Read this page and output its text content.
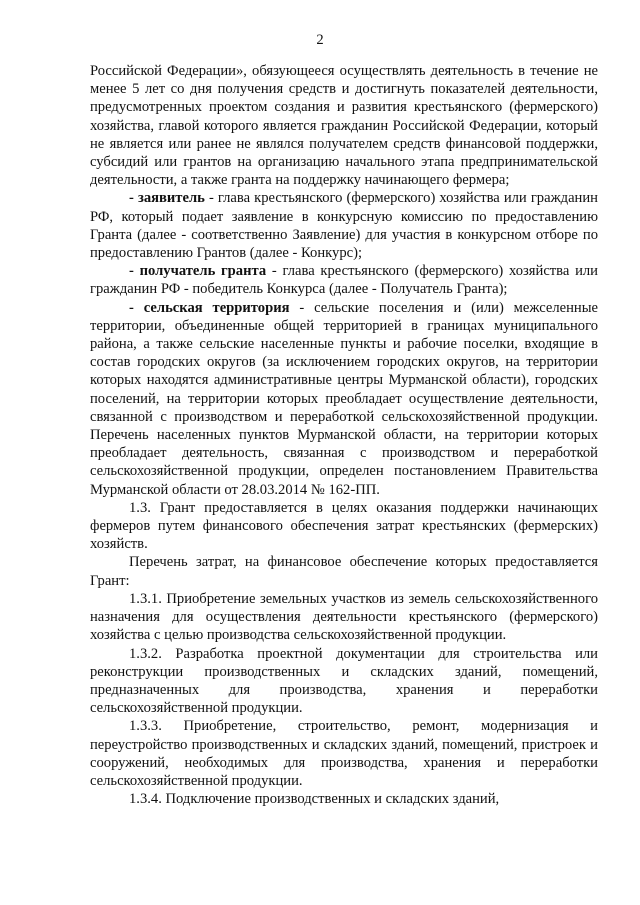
2

Российской Федерации», обязующееся осуществлять деятельность в течение не менее 5 лет со дня получения средств и достигнуть показателей деятельности, предусмотренных проектом создания и развития крестьянского (фермерского) хозяйства, главой которого является гражданин Российской Федерации, который не является или ранее не являлся получателем средств финансовой поддержки, субсидий или грантов на организацию начального этапа предпринимательской деятельности, а также гранта на поддержку начинающего фермера;

- заявитель - глава крестьянского (фермерского) хозяйства или гражданин РФ, который подает заявление в конкурсную комиссию по предоставлению Гранта (далее - соответственно Заявление) для участия в конкурсном отборе по предоставлению Грантов (далее - Конкурс);

- получатель гранта - глава крестьянского (фермерского) хозяйства или гражданин РФ - победитель Конкурса (далее - Получатель Гранта);

- сельская территория - сельские поселения и (или) межселенные территории, объединенные общей территорией в границах муниципального района, а также сельские населенные пункты и рабочие поселки, входящие в состав городских округов (за исключением городских округов, на территории которых находятся административные центры Мурманской области), городских поселений, на территории которых преобладает осуществление деятельности, связанной с производством и переработкой сельскохозяйственной продукции. Перечень населенных пунктов Мурманской области, на территории которых преобладает деятельность, связанная с производством и переработкой сельскохозяйственной продукции, определен постановлением Правительства Мурманской области от 28.03.2014 № 162-ПП.

1.3. Грант предоставляется в целях оказания поддержки начинающих фермеров путем финансового обеспечения затрат крестьянских (фермерских) хозяйств.

Перечень затрат, на финансовое обеспечение которых предоставляется Грант:

1.3.1. Приобретение земельных участков из земель сельскохозяйственного назначения для осуществления деятельности крестьянского (фермерского) хозяйства с целью производства сельскохозяйственной продукции.

1.3.2. Разработка проектной документации для строительства или реконструкции производственных и складских зданий, помещений, предназначенных для производства, хранения и переработки сельскохозяйственной продукции.

1.3.3. Приобретение, строительство, ремонт, модернизация и переустройство производственных и складских зданий, помещений, пристроек и сооружений, необходимых для производства, хранения и переработки сельскохозяйственной продукции.

1.3.4. Подключение производственных и складских зданий,
